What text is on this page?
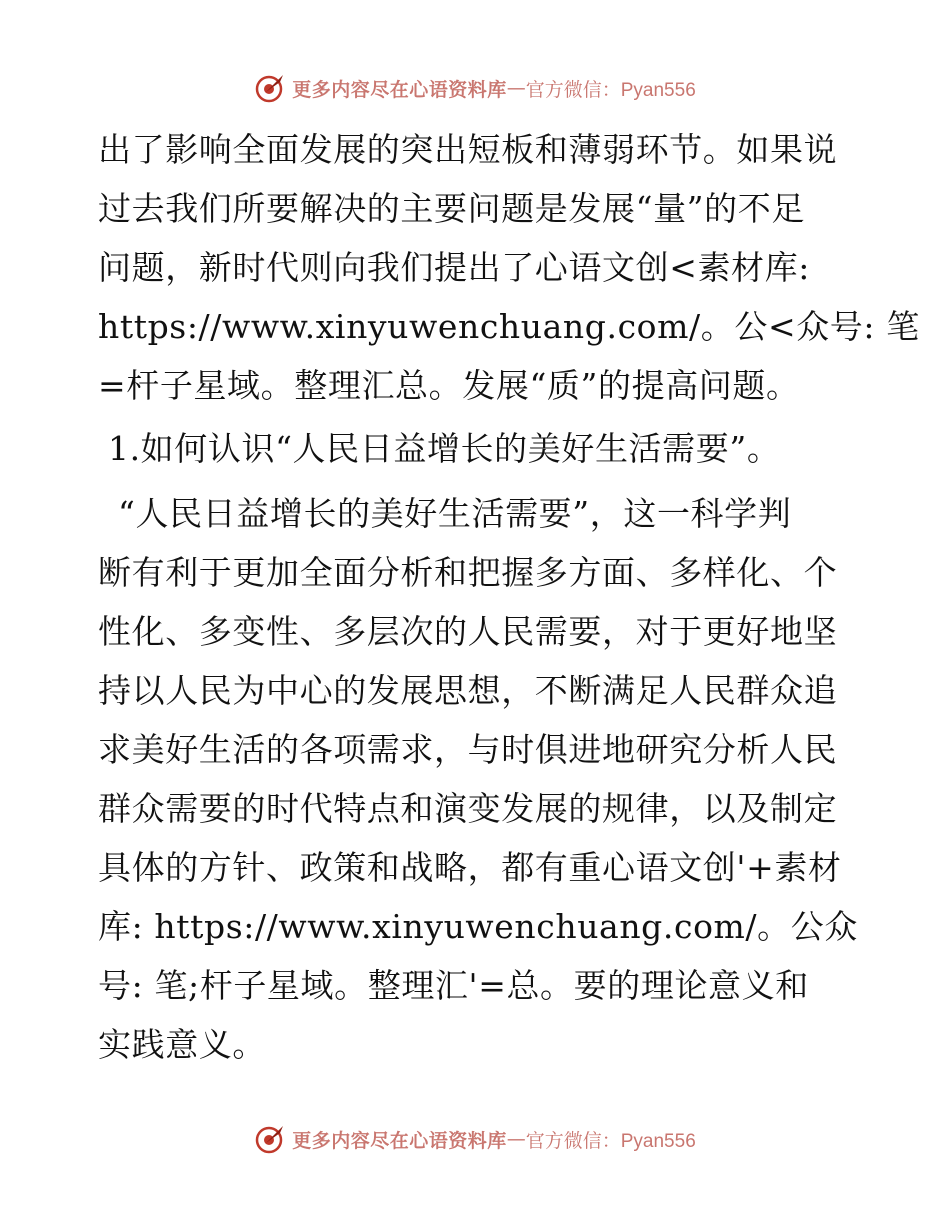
更多内容尽在心语资料库 — 官方微信：Pyan556

出了影响全面发展的突出短板和薄弱环节。如果说

过去我们所要解决的主要问题是发展“量”的不足

问题，新时代则向我们提出了心语文创<素材库:

https://www.xinyuwenchuang.com/。公<众号: 笔

=杆子星域。整理汇总。发展“质”的提高问题。

1.如何认识“人民日益增长的美好生活需要”。

“人民日益增长的美好生活需要”，这一科学判

断有利于更加全面分析和把握多方面、多样化、个

性化、多变性、多层次的人民需要，对于更好地坚

持以人民为中心的发展思想，不断满足人民群众追

求美好生活的各项需求，与时俱进地研究分析人民

群众需要的时代特点和演变发展的规律，以及制定

具体的方针、政策和战略，都有重心语文创'+素材

库: https://www.xinyuwenchuang.com/。公众

号: 笔;杆子星域。整理汇'=总。要的理论意义和

实践意义。

更多内容尽在心语资料库 — 官方微信：Pyan556
